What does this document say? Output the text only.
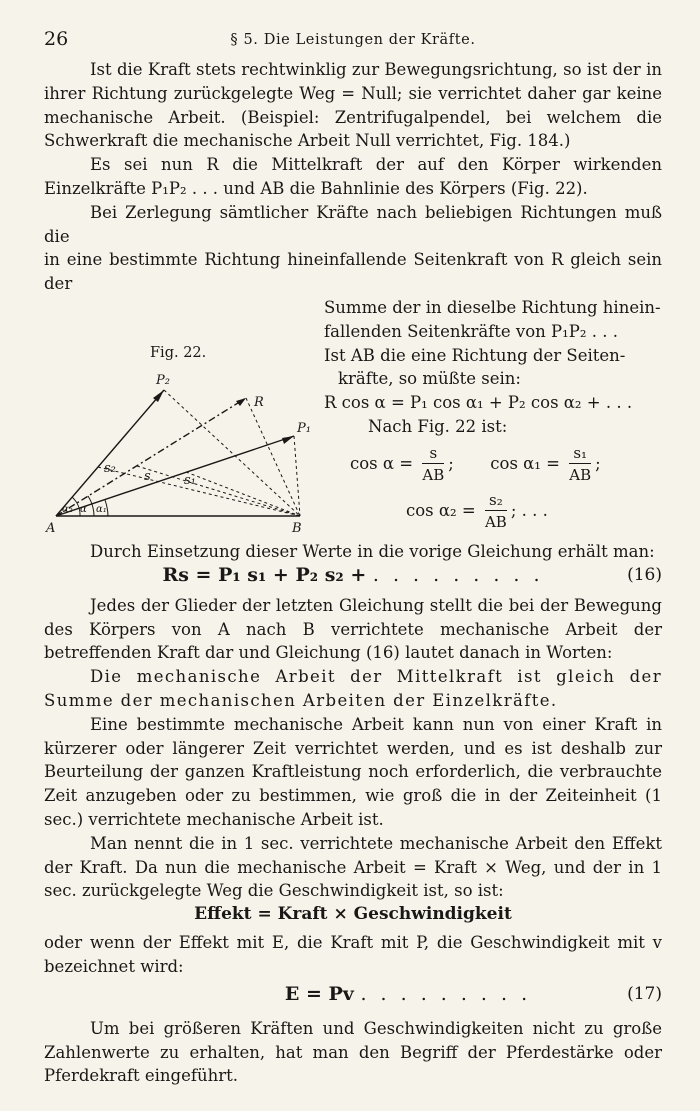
26	§ 5. Die Leistungen der Kräfte.

Ist die Kraft stets rechtwinklig zur Bewegungsrichtung, so ist der in ihrer Richtung zurückgelegte Weg = Null; sie verrichtet daher gar keine mechanische Arbeit. (Beispiel: Zentrifugalpendel, bei welchem die Schwerkraft die mechanische Arbeit Null verrichtet, Fig. 184.)

Es sei nun R die Mittelkraft der auf den Körper wirkenden Einzelkräfte P₁P₂ . . . und AB die Bahnlinie des Körpers (Fig. 22).

Bei Zerlegung sämtlicher Kräfte nach beliebigen Richtungen muß die

in eine bestimmte Richtung hineinfallende Seitenkraft von R gleich sein der

Fig. 22.
P₂
R
P₁
s₂
s	s₁
α₂ α α₁
A	B

Summe der in dieselbe Richtung hinein-

fallenden Seitenkräfte von P₁P₂ . . .

Ist AB die eine Richtung der Seiten-

kräfte, so müßte sein:

R cos α = P₁ cos α₁ + P₂ cos α₂ + . . .

Nach Fig. 22 ist:

$\cos \alpha = \frac{s}{AB}$ ; $\cos \alpha_1 = \frac{\text{s₁}}{AB}$ ;
$\cos \alpha_2 = \frac{\text{s₂}}{AB}$ ; . . .

Durch Einsetzung dieser Werte in die vorige Gleichung erhält man:

Rs = P₁ s₁ + P₂ s₂ + . . . . . . . . .	(16)

Jedes der Glieder der letzten Gleichung stellt die bei der Bewegung des Körpers von A nach B verrichtete mechanische Arbeit der betreffenden Kraft dar und Gleichung (16) lautet danach in Worten:

Die mechanische Arbeit der Mittelkraft ist gleich der Summe der mechanischen Arbeiten der Einzelkräfte.

Eine bestimmte mechanische Arbeit kann nun von einer Kraft in kürzerer oder längerer Zeit verrichtet werden, und es ist deshalb zur Beurteilung der ganzen Kraftleistung noch erforderlich, die verbrauchte Zeit anzugeben oder zu bestimmen, wie groß die in der Zeiteinheit (1 sec.) verrichtete mechanische Arbeit ist.

Man nennt die in 1 sec. verrichtete mechanische Arbeit den Effekt der Kraft. Da nun die mechanische Arbeit = Kraft × Weg, und der in 1 sec. zurückgelegte Weg die Geschwindigkeit ist, so ist:

Effekt = Kraft × Geschwindigkeit

oder wenn der Effekt mit E, die Kraft mit P, die Geschwindigkeit mit v bezeichnet wird:

E = Pv . . . . . . . . .	(17)

Um bei größeren Kräften und Geschwindigkeiten nicht zu große Zahlenwerte zu erhalten, hat man den Begriff der Pferdestärke oder Pferdekraft eingeführt.
